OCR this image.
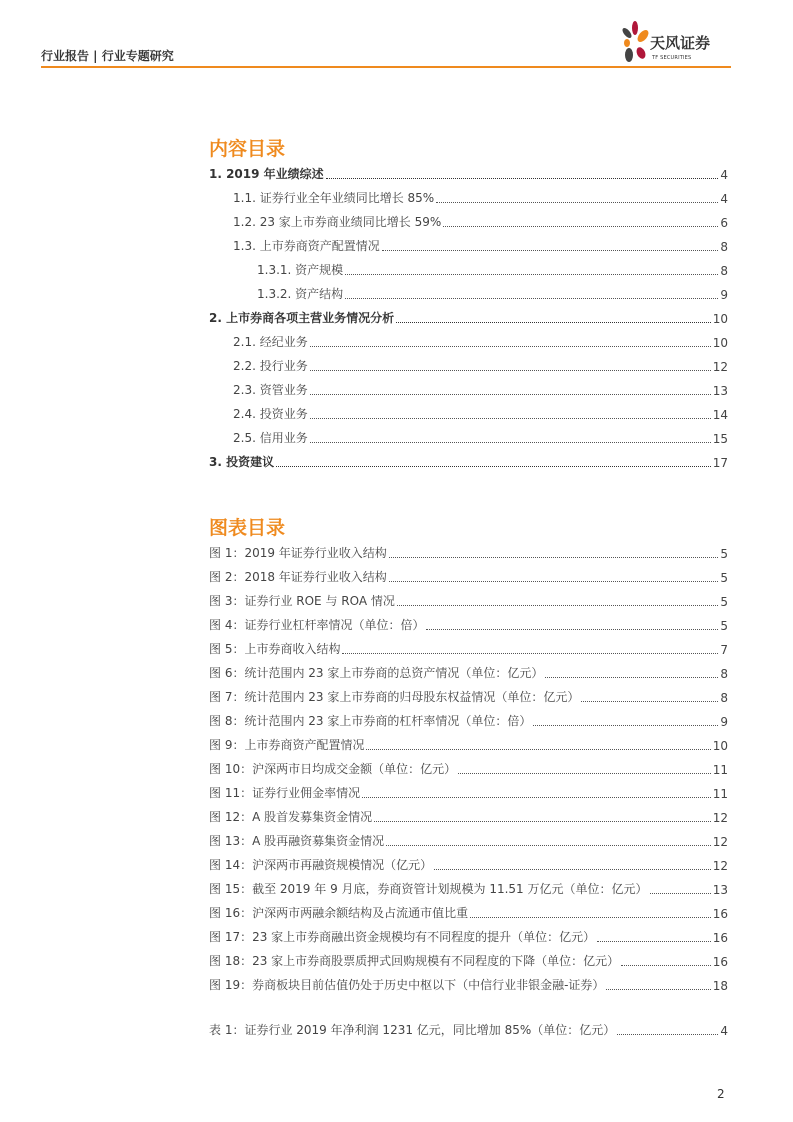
行业报告 | 行业专题研究
天风证券
TF SECURITIES
内容目录
图表目录
2
1. 2019 年业绩综述	4
1.1. 证券行业全年业绩同比增长 85%	4
1.2. 23 家上市券商业绩同比增长 59%	6
1.3. 上市券商资产配置情况	8
1.3.1. 资产规模	8
1.3.2. 资产结构	9
2. 上市券商各项主营业务情况分析	10
2.1. 经纪业务	10
2.2. 投行业务	12
2.3. 资管业务	13
2.4. 投资业务	14
2.5. 信用业务	15
3. 投资建议	17
图 1：2019 年证券行业收入结构	5
图 2：2018 年证券行业收入结构	5
图 3：证券行业 ROE 与 ROA 情况	5
图 4：证券行业杠杆率情况（单位：倍）	5
图 5：上市券商收入结构	7
图 6：统计范围内 23 家上市券商的总资产情况（单位：亿元）	8
图 7：统计范围内 23 家上市券商的归母股东权益情况（单位：亿元）	8
图 8：统计范围内 23 家上市券商的杠杆率情况（单位：倍）	9
图 9：上市券商资产配置情况	10
图 10：沪深两市日均成交金额（单位：亿元）	11
图 11：证券行业佣金率情况	11
图 12：A 股首发募集资金情况	12
图 13：A 股再融资募集资金情况	12
图 14：沪深两市再融资规模情况（亿元）	12
图 15：截至 2019 年 9 月底，券商资管计划规模为 11.51 万亿元（单位：亿元）	13
图 16：沪深两市两融余额结构及占流通市值比重	16
图 17：23 家上市券商融出资金规模均有不同程度的提升（单位：亿元）	16
图 18：23 家上市券商股票质押式回购规模有不同程度的下降（单位：亿元）	16
图 19：券商板块目前估值仍处于历史中枢以下（中信行业非银金融-证券）	18
表 1：证券行业 2019 年净利润 1231 亿元，同比增加 85%（单位：亿元）	4
